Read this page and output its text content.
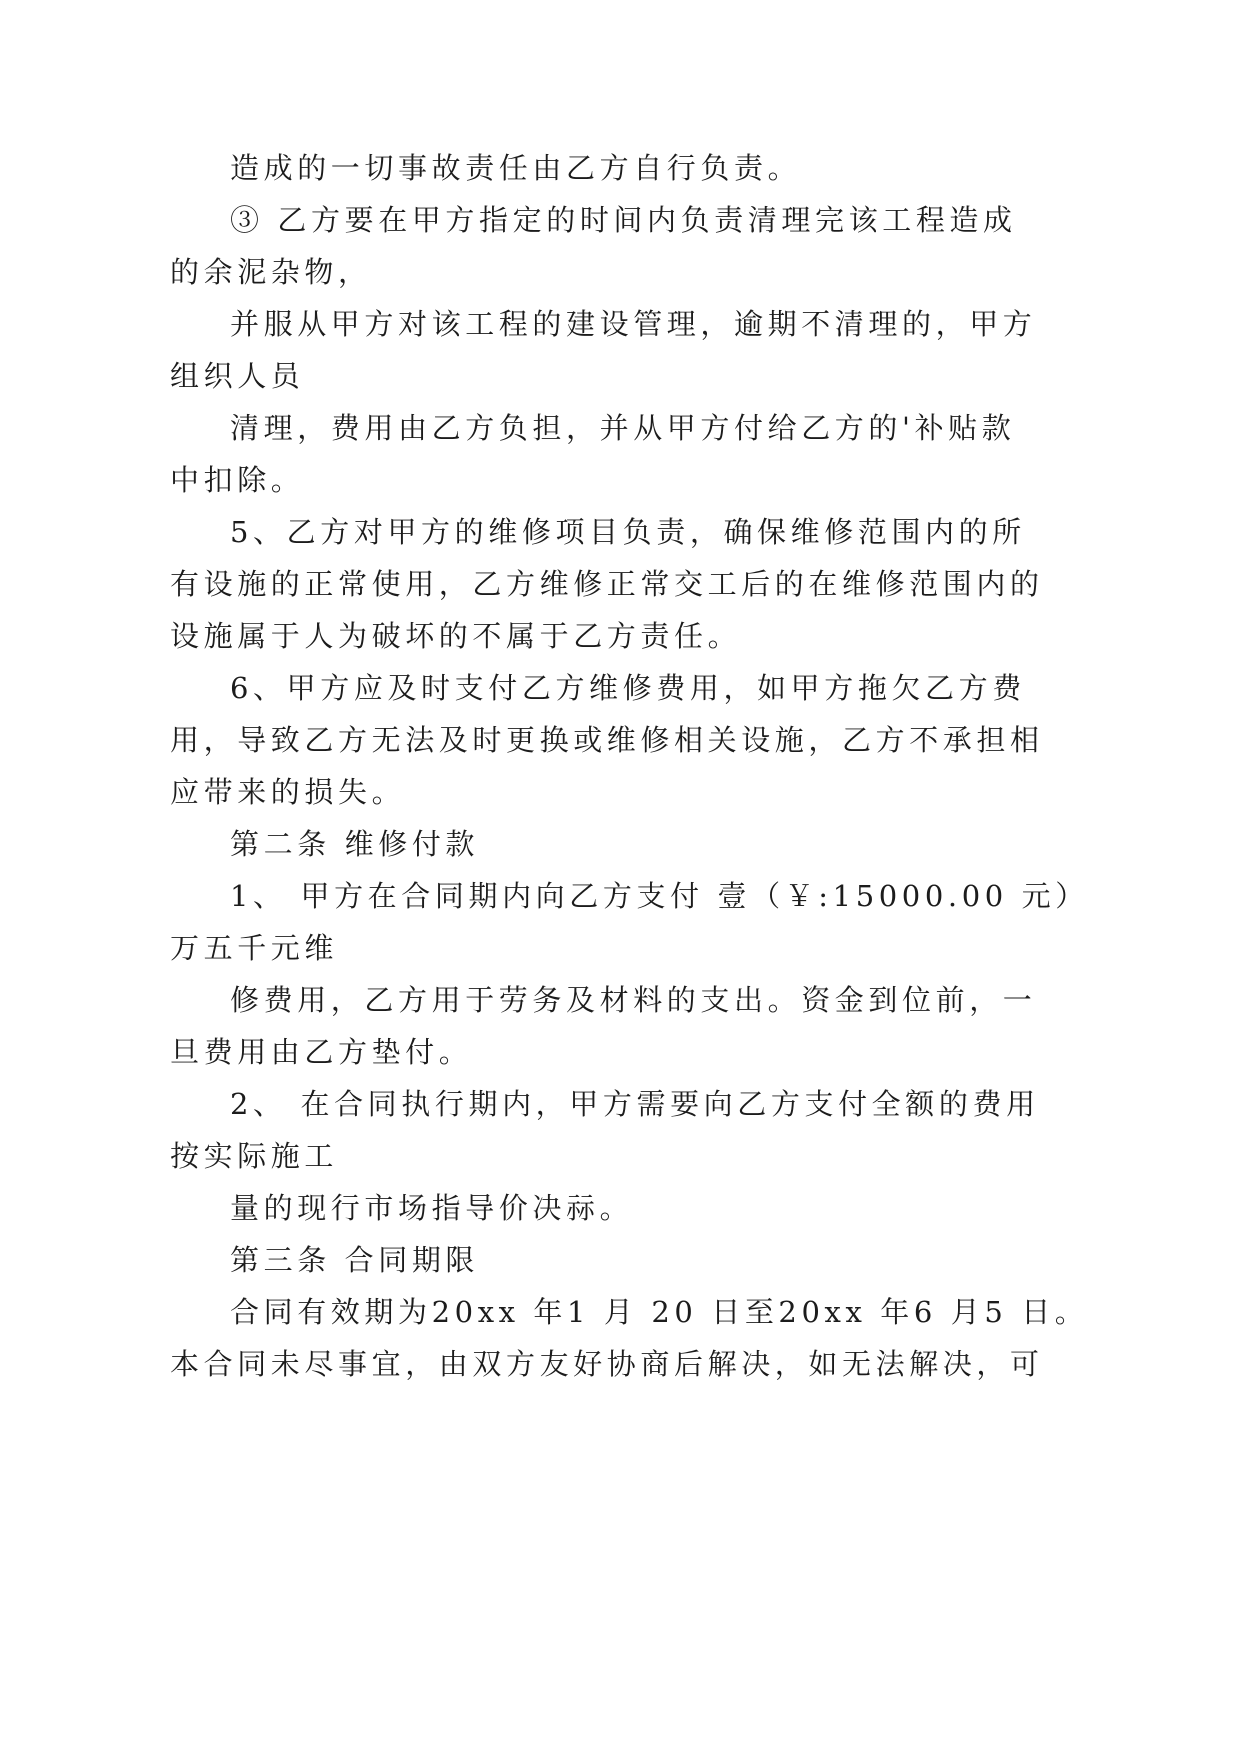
造成的一切事故责任由乙方自行负责。
③ 乙方要在甲方指定的时间内负责清理完该工程造成
的余泥杂物，
并服从甲方对该工程的建设管理，逾期不清理的，甲方
组织人员
清理，费用由乙方负担，并从甲方付给乙方的'补贴款
中扣除。
5、乙方对甲方的维修项目负责，确保维修范围内的所
有设施的正常使用，乙方维修正常交工后的在维修范围内的
设施属于人为破坏的不属于乙方责任。
6、甲方应及时支付乙方维修费用，如甲方拖欠乙方费
用，导致乙方无法及时更换或维修相关设施，乙方不承担相
应带来的损失。
第二条 维修付款
1、 甲方在合同期内向乙方支付 壹（￥:15000.00 元）
万五千元维
修费用，乙方用于劳务及材料的支出。资金到位前，一
旦费用由乙方垫付。
2、 在合同执行期内，甲方需要向乙方支付全额的费用
按实际施工
量的现行市场指导价决祘。
第三条 合同期限
合同有效期为20xx 年1 月 20 日至20xx 年6 月5 日。
本合同未尽事宜，由双方友好协商后解决，如无法解决，可
